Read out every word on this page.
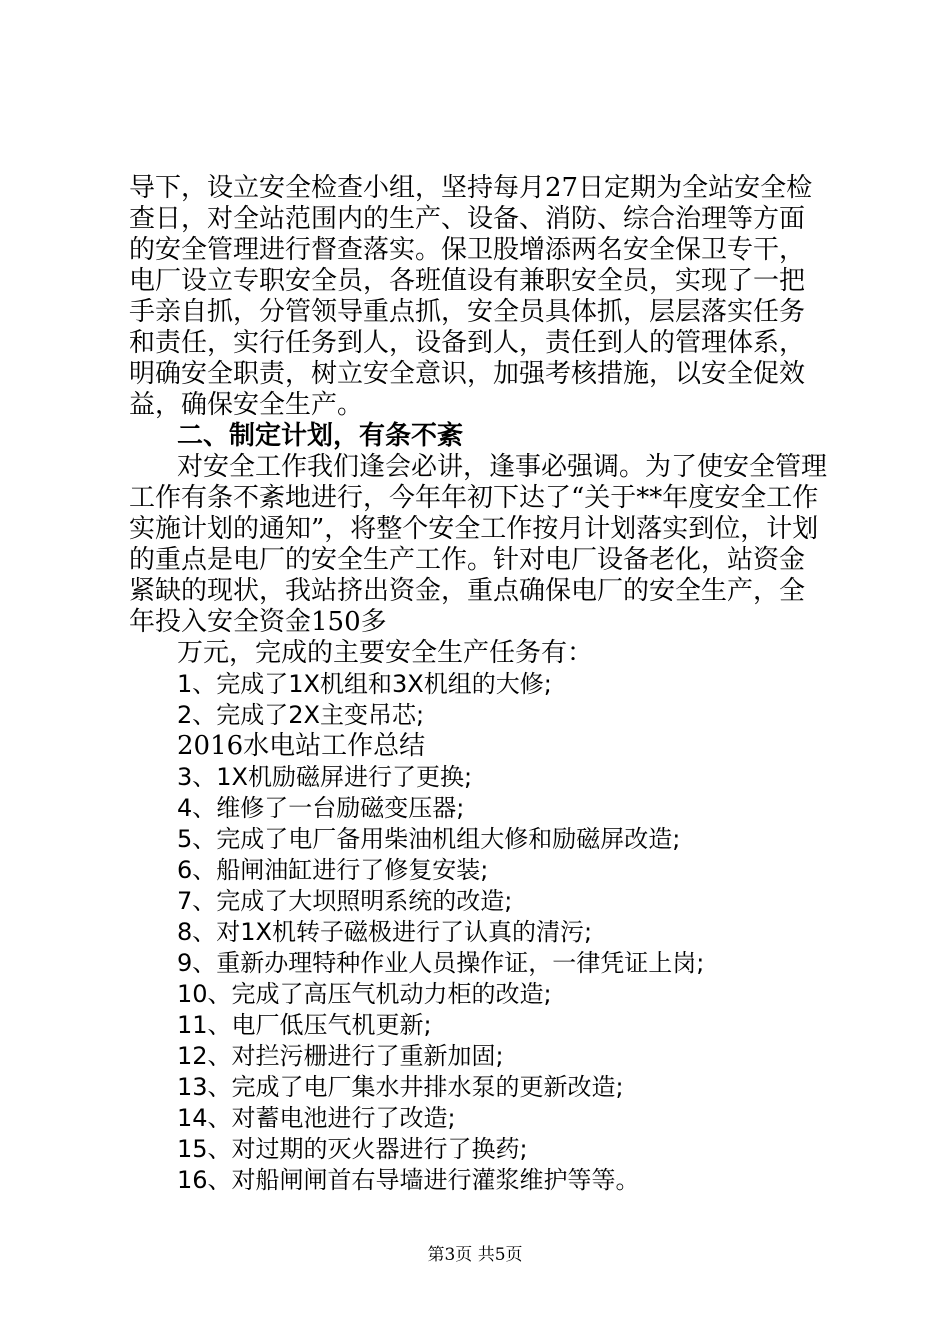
导下，设立安全检查小组，坚持每月27日定期为全站安全检查日，对全站范围内的生产、设备、消防、综合治理等方面的安全管理进行督查落实。保卫股增添两名安全保卫专干，电厂设立专职安全员，各班值设有兼职安全员，实现了一把手亲自抓，分管领导重点抓，安全员具体抓，层层落实任务和责任，实行任务到人，设备到人，责任到人的管理体系，明确安全职责，树立安全意识，加强考核措施，以安全促效益，确保安全生产。

二、制定计划，有条不紊

对安全工作我们逢会必讲，逢事必强调。为了使安全管理工作有条不紊地进行，今年年初下达了“关于**年度安全工作实施计划的通知”，将整个安全工作按月计划落实到位，计划的重点是电厂的安全生产工作。针对电厂设备老化，站资金紧缺的现状，我站挤出资金，重点确保电厂的安全生产，全年投入安全资金150多

万元，完成的主要安全生产任务有：

1、完成了1X机组和3X机组的大修;

2、完成了2X主变吊芯;

2016水电站工作总结

3、1X机励磁屏进行了更换;

4、维修了一台励磁变压器;

5、完成了电厂备用柴油机组大修和励磁屏改造;

6、船闸油缸进行了修复安装;

7、完成了大坝照明系统的改造;

8、对1X机转子磁极进行了认真的清污;

9、重新办理特种作业人员操作证，一律凭证上岗;

10、完成了高压气机动力柜的改造;

11、电厂低压气机更新;

12、对拦污栅进行了重新加固;

13、完成了电厂集水井排水泵的更新改造;

14、对蓄电池进行了改造;

15、对过期的灭火器进行了换药;

16、对船闸闸首右导墙进行灌浆维护等等。

第3页 共5页
